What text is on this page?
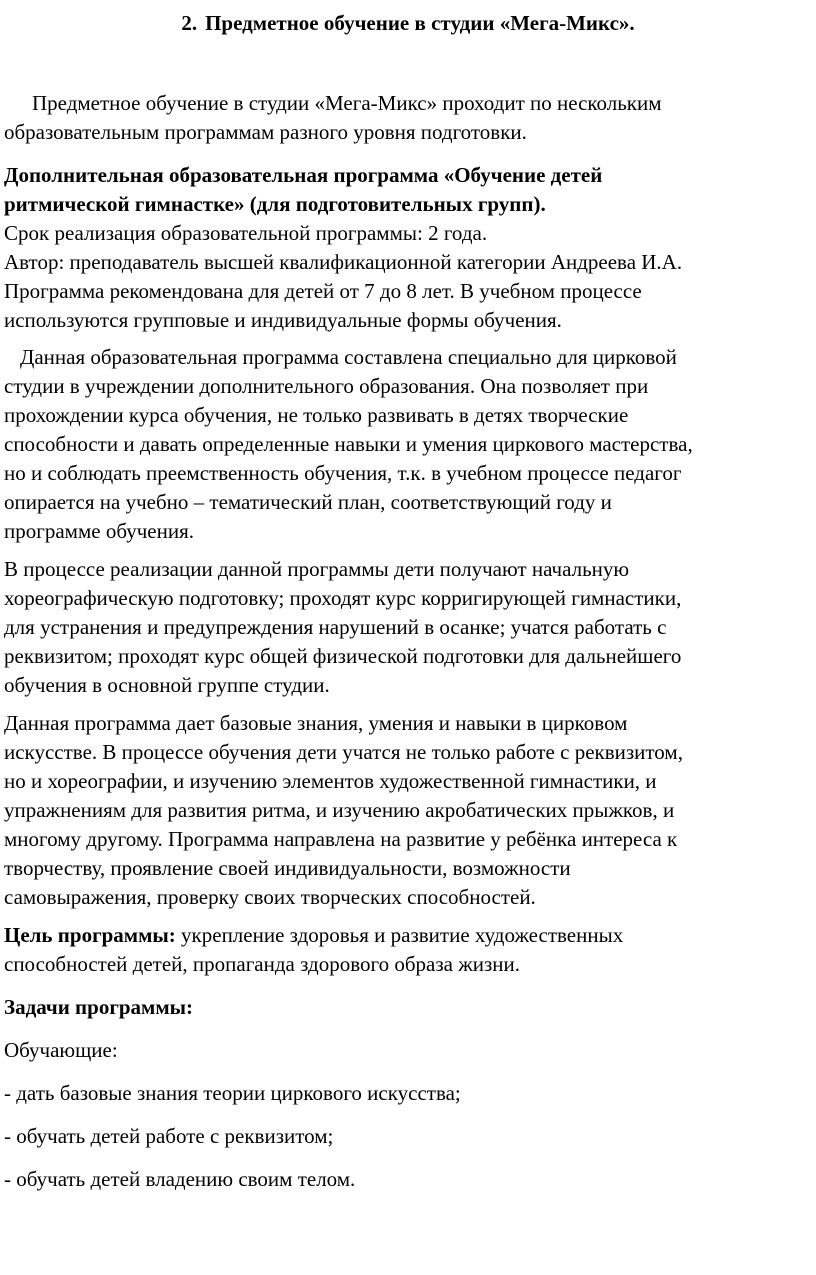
2. Предметное обучение в студии «Мега-Микс».

Предметное обучение в студии «Мега-Микс» проходит по нескольким

образовательным программам разного уровня подготовки.

Дополнительная образовательная программа «Обучение детей

ритмической гимнастке» (для подготовительных групп).

Срок реализация образовательной программы: 2 года.

Автор: преподаватель высшей квалификационной категории Андреева И.А.

Программа рекомендована для детей от 7 до 8 лет. В учебном процессе

используются групповые и индивидуальные формы обучения.

Данная образовательная программа составлена специально для цирковой

студии в учреждении дополнительного образования. Она позволяет при

прохождении курса обучения, не только развивать в детях творческие

способности и давать определенные навыки и умения циркового мастерства,

но и соблюдать преемственность обучения, т.к. в учебном процессе педагог

опирается на учебно – тематический план, соответствующий году и

программе обучения.

В процессе реализации данной программы дети получают начальную

хореографическую подготовку; проходят курс корригирующей гимнастики,

для устранения и предупреждения нарушений в осанке; учатся работать с

реквизитом; проходят курс общей физической подготовки для дальнейшего

обучения в основной группе студии.

Данная программа дает базовые знания, умения и навыки в цирковом

искусстве. В процессе обучения дети учатся не только работе с реквизитом,

но и хореографии, и изучению элементов художественной гимнастики, и

упражнениям для развития ритма, и изучению акробатических прыжков, и

многому другому. Программа направлена на развитие у ребёнка интереса к

творчеству, проявление своей индивидуальности, возможности

самовыражения, проверку своих творческих способностей.

Цель программы: укрепление здоровья и развитие художественных

способностей детей, пропаганда здорового образа жизни.

Задачи программы:

Обучающие:

- дать базовые знания теории циркового искусства;

- обучать детей работе с реквизитом;

- обучать детей владению своим телом.
